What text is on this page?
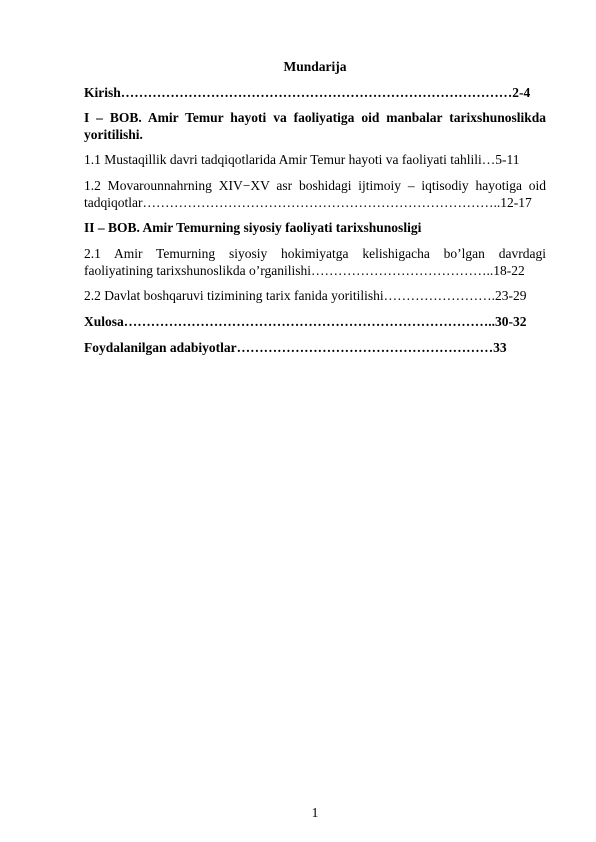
Mundarija
Kirish……………………………………………………………………………2-4
I – BOB. Amir Temur hayoti va faoliyatiga oid manbalar tarixshunoslikda
yoritilishi.
1.1 Mustaqillik davri tadqiqotlarida Amir Temur hayoti va faoliyati tahlili…5-11
1.2 Movarounnahrning XIV−XV asr boshidagi ijtimoiy – iqtisodiy hayotiga oid
tadqiqotlar……………………………………………………………………..12-17
II – BOB. Amir Temurning siyosiy faoliyati tarixshunosligi
2.1 Amir Temurning siyosiy hokimiyatga kelishigacha bo’lgan davrdagi
faoliyatining tarixshunoslikda o’rganilishi…………………………………..18-22
2.2 Davlat boshqaruvi tizimining tarix fanida yoritilishi…………………….23-29
Xulosa………………………………………………………………………..30-32
Foydalanilgan adabiyotlar…………………………………………………33
1
